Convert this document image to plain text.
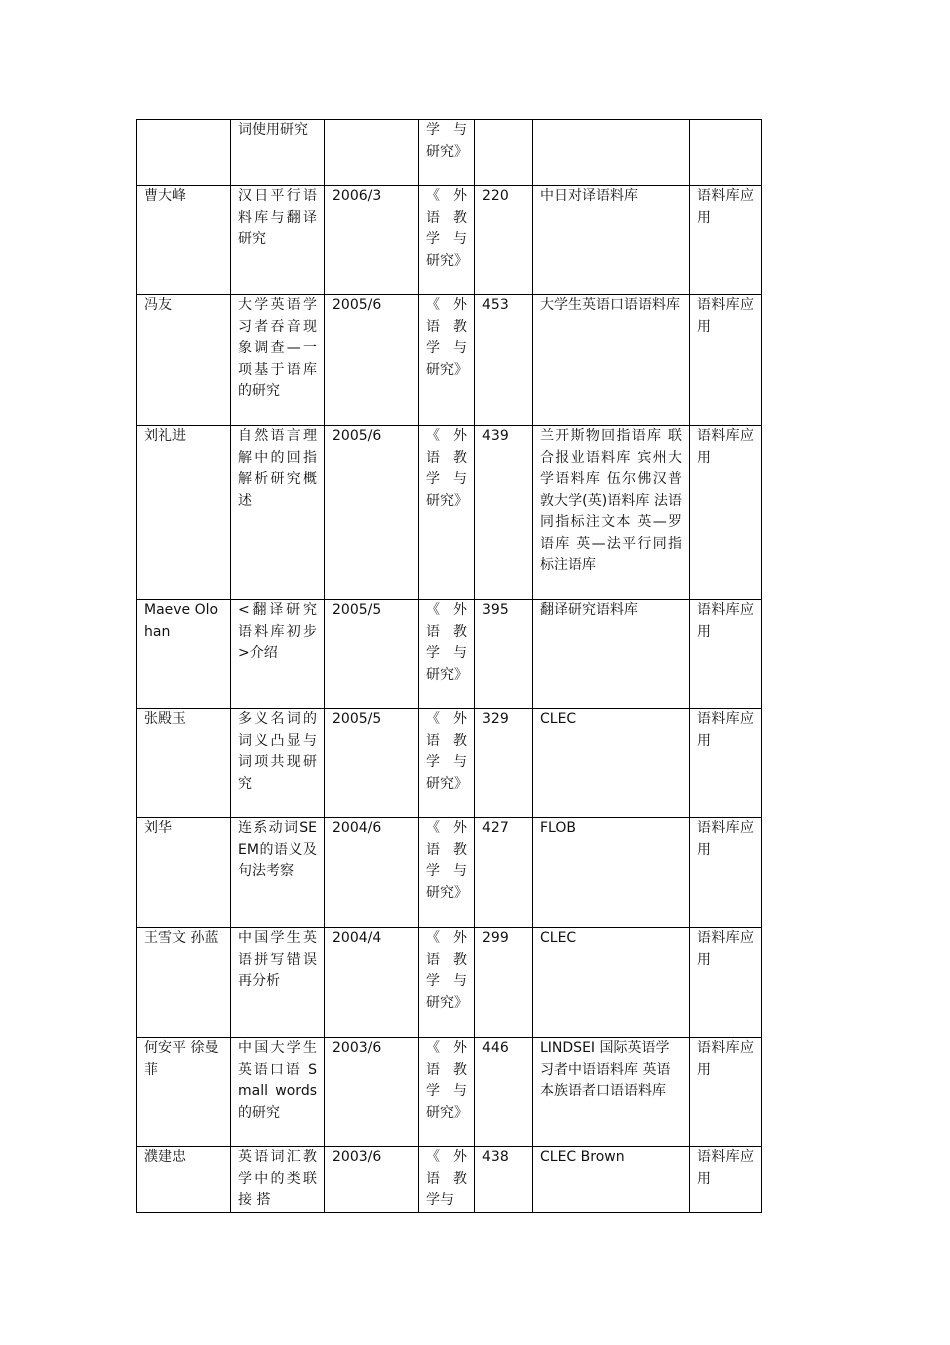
	词使用研究		学与研究》			
曹大峰	汉日平行语料库与翻译研究	2006/3	《外语教学与研究》	220	中日对译语料库	语料库应用
冯友	大学英语学习者吞音现象调查—一项基于语库的研究	2005/6	《外语教学与研究》	453	大学生英语口语语料库	语料库应用
刘礼进	自然语言理解中的回指解析研究概述	2005/6	《外语教学与研究》	439	兰开斯物回指语库 联合报业语料库 宾州大学语料库 伍尔佛汉普敦大学(英)语料库 法语同指标注文本 英—罗语库 英—法平行同指标注语库	语料库应用
Maeve Olohan	<翻译研究语料库初步>介绍	2005/5	《外语教学与研究》	395	翻译研究语料库	语料库应用
张殿玉	多义名词的词义凸显与词项共现研究	2005/5	《外语教学与研究》	329	CLEC	语料库应用
刘华	连系动词SEEM的语义及句法考察	2004/6	《外语教学与研究》	427	FLOB	语料库应用
王雪文 孙蓝	中国学生英语拼写错误再分析	2004/4	《外语教学与研究》	299	CLEC	语料库应用
何安平 徐曼菲	中国大学生英语口语 Small words 的研究	2003/6	《外语教学与研究》	446	LINDSEI 国际英语学习者中语语料库 英语本族语者口语语料库	语料库应用
濮建忠	英语词汇教学中的类联接 搭	2003/6	《外语教学与	438	CLEC Brown	语料库应用
